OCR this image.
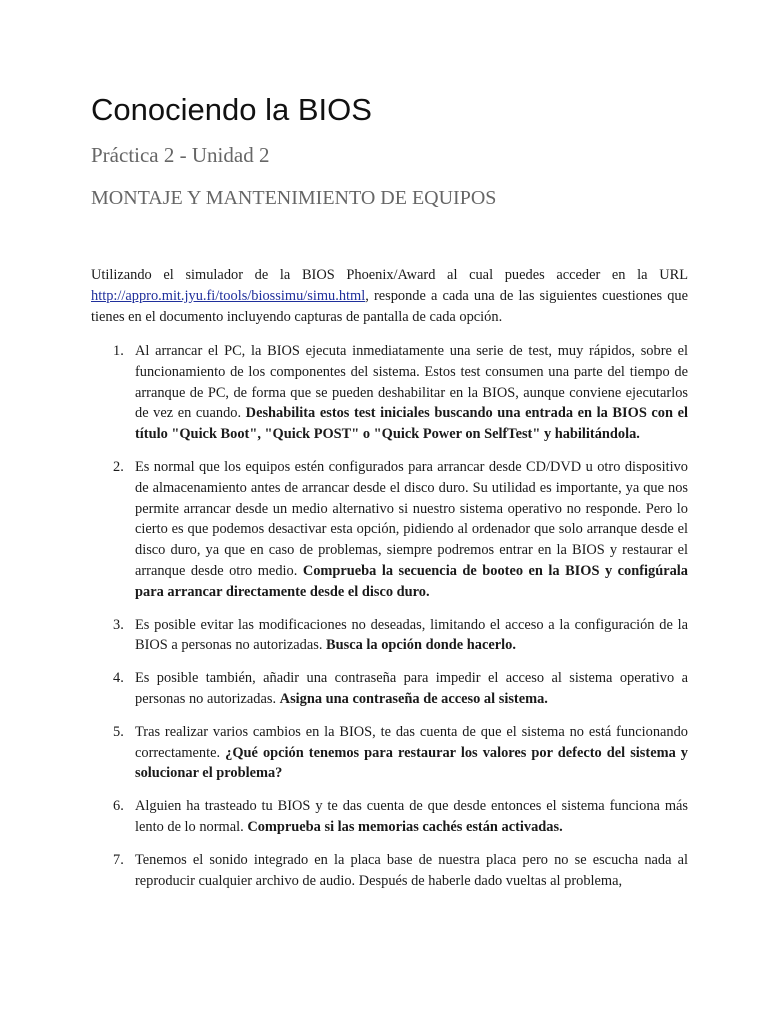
Conociendo la BIOS
Práctica 2 - Unidad 2
MONTAJE Y MANTENIMIENTO DE EQUIPOS

Utilizando el simulador de la BIOS Phoenix/Award al cual puedes acceder en la URL http://appro.mit.jyu.fi/tools/biossimu/simu.html, responde a cada una de las siguientes cuestiones que tienes en el documento incluyendo capturas de pantalla de cada opción.

1. Al arrancar el PC, la BIOS ejecuta inmediatamente una serie de test, muy rápidos, sobre el funcionamiento de los componentes del sistema. Estos test consumen una parte del tiempo de arranque de PC, de forma que se pueden deshabilitar en la BIOS, aunque conviene ejecutarlos de vez en cuando. Deshabilita estos test iniciales buscando una entrada en la BIOS con el título "Quick Boot", "Quick POST" o "Quick Power on SelfTest" y habilitándola.
2. Es normal que los equipos estén configurados para arrancar desde CD/DVD u otro dispositivo de almacenamiento antes de arrancar desde el disco duro. Su utilidad es importante, ya que nos permite arrancar desde un medio alternativo si nuestro sistema operativo no responde. Pero lo cierto es que podemos desactivar esta opción, pidiendo al ordenador que solo arranque desde el disco duro, ya que en caso de problemas, siempre podremos entrar en la BIOS y restaurar el arranque desde otro medio. Comprueba la secuencia de booteo en la BIOS y configúrala para arrancar directamente desde el disco duro.
3. Es posible evitar las modificaciones no deseadas, limitando el acceso a la configuración de la BIOS a personas no autorizadas. Busca la opción donde hacerlo.
4. Es posible también, añadir una contraseña para impedir el acceso al sistema operativo a personas no autorizadas. Asigna una contraseña de acceso al sistema.
5. Tras realizar varios cambios en la BIOS, te das cuenta de que el sistema no está funcionando correctamente. ¿Qué opción tenemos para restaurar los valores por defecto del sistema y solucionar el problema?
6. Alguien ha trasteado tu BIOS y te das cuenta de que desde entonces el sistema funciona más lento de lo normal. Comprueba si las memorias cachés están activadas.
7. Tenemos el sonido integrado en la placa base de nuestra placa pero no se escucha nada al reproducir cualquier archivo de audio. Después de haberle dado vueltas al problema,
